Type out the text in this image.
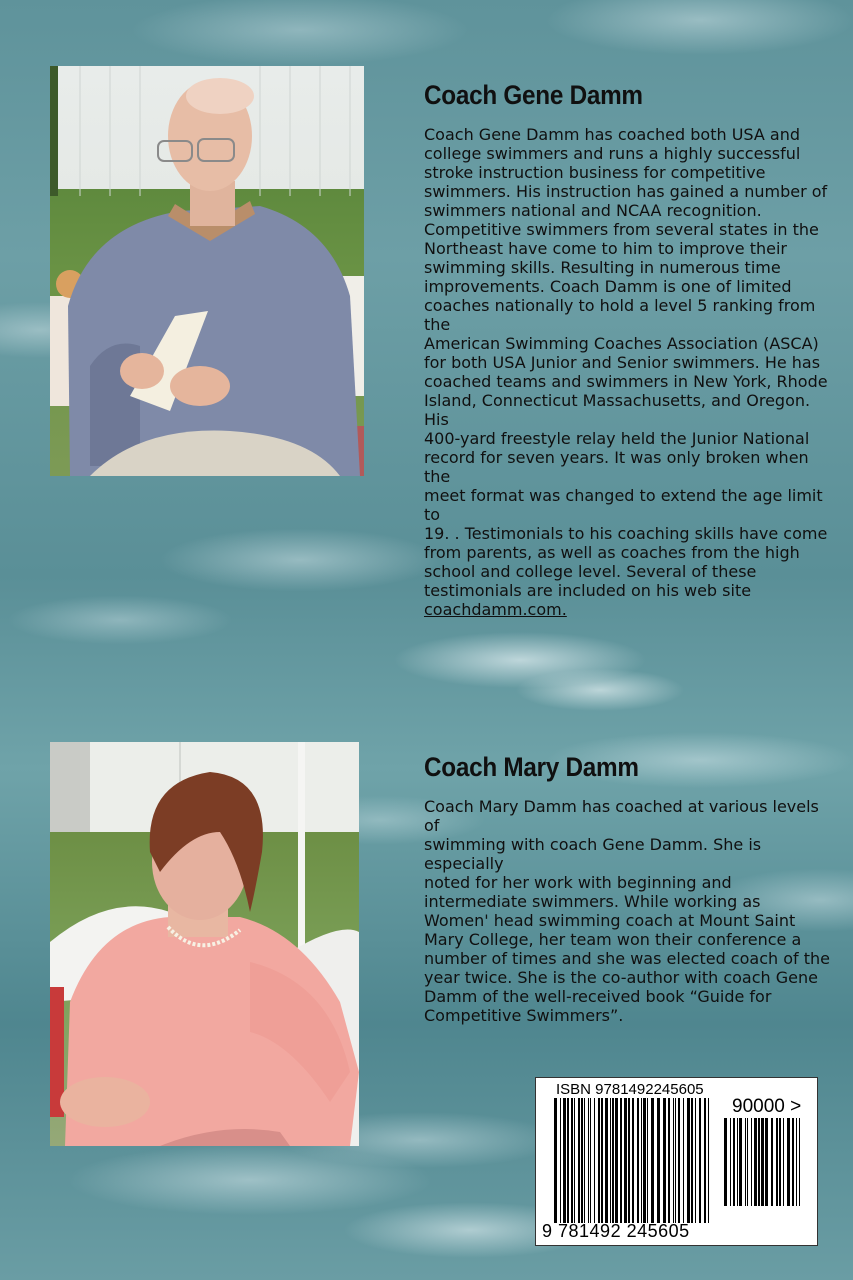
Coach Gene Damm

Coach Gene Damm has coached both USA and
college swimmers and runs a highly successful
stroke instruction business for competitive
swimmers. His instruction has gained a number of
swimmers national and NCAA recognition.
Competitive swimmers from several states in the
Northeast have come to him to improve their
swimming skills. Resulting in numerous time
improvements. Coach Damm is one of limited
coaches nationally to hold a level 5 ranking from the
American Swimming Coaches Association (ASCA)
for both USA Junior and Senior swimmers. He has
coached teams and swimmers in New York, Rhode
Island, Connecticut Massachusetts, and Oregon. His
400-yard freestyle relay held the Junior National
record for seven years. It was only broken when the
meet format was changed to extend the age limit to
19. . Testimonials to his coaching skills have come
from parents, as well as coaches from the high
school and college level. Several of these
testimonials are included on his web site
coachdamm.com.

Coach Mary Damm

Coach Mary Damm has coached at various levels of
swimming with coach Gene Damm. She is especially
noted for her work with beginning and
intermediate swimmers. While working as
Women' head swimming coach at Mount Saint
Mary College, her team won their conference a
number of times and she was elected coach of the
year twice. She is the co-author with coach Gene
Damm of the well-received book “Guide for
Competitive Swimmers”.

ISBN 9781492245605
90000 >
9 781492 245605
